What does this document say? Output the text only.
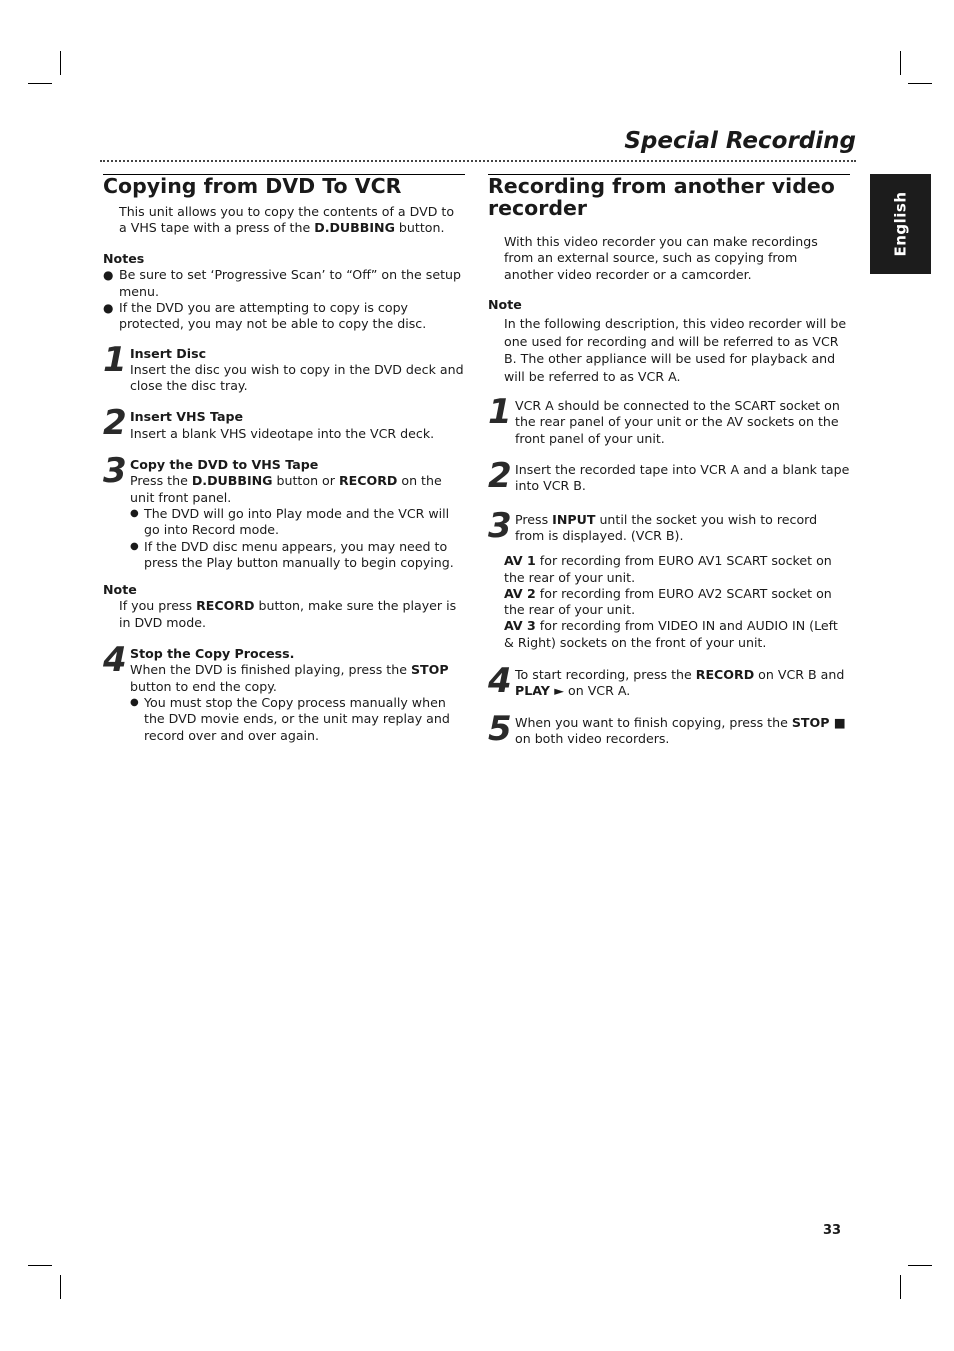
Special Recording
English
Copying from DVD To VCR

This unit allows you to copy the contents of a DVD to a VHS tape with a press of the D.DUBBING button.

Notes

● Be sure to set ‘Progressive Scan’ to “Off” on the setup menu.
● If the DVD you are attempting to copy is copy protected, you may not be able to copy the disc.
1 Insert Disc

Insert the disc you wish to copy in the DVD deck and close the disc tray.

2 Insert VHS Tape

Insert a blank VHS videotape into the VCR deck.

3 Copy the DVD to VHS Tape

Press the D.DUBBING button or RECORD on the unit front panel.

● The DVD will go into Play mode and the VCR will go into Record mode.
● If the DVD disc menu appears, you may need to press the Play button manually to begin copying.

Note

If you press RECORD button, make sure the player is in DVD mode.

4 Stop the Copy Process.

When the DVD is finished playing, press the STOP button to end the copy.

● You must stop the Copy process manually when the DVD movie ends, or the unit may replay and record over and over again.
Recording from another video recorder

With this video recorder you can make recordings from an external source, such as copying from another video recorder or a camcorder.

Note

In the following description, this video recorder will be one used for recording and will be referred to as VCR B. The other appliance will be used for playback and will be referred to as VCR A.

1 VCR A should be connected to the SCART socket on the rear panel of your unit or the AV sockets on the front panel of your unit.

2 Insert the recorded tape into VCR A and a blank tape into VCR B.

3 Press INPUT until the socket you wish to record from is displayed. (VCR B).

AV 1 for recording from EURO AV1 SCART socket on the rear of your unit.

AV 2 for recording from EURO AV2 SCART socket on the rear of your unit.

AV 3 for recording from VIDEO IN and AUDIO IN (Left & Right) sockets on the front of your unit.

4 To start recording, press the RECORD on VCR B and PLAY ► on VCR A.

5 When you want to finish copying, press the STOP ■ on both video recorders.

33
